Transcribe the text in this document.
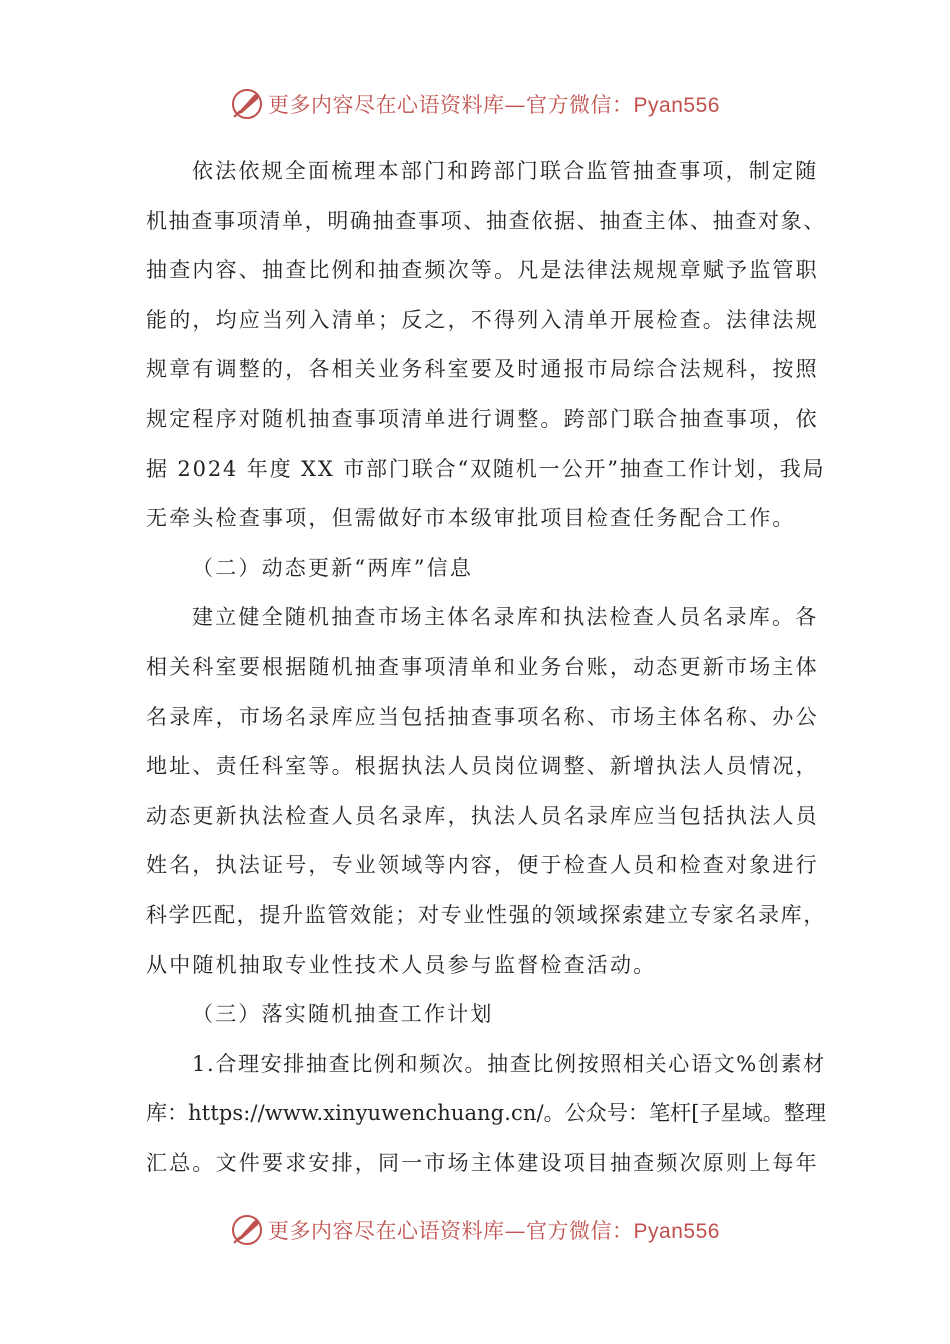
更多内容尽在心语资料库—官方微信：Pyan556
依法依规全面梳理本部门和跨部门联合监管抽查事项，制定随
机抽查事项清单，明确抽查事项、抽查依据、抽查主体、抽查对象、
抽查内容、抽查比例和抽查频次等。凡是法律法规规章赋予监管职
能的，均应当列入清单；反之，不得列入清单开展检查。法律法规
规章有调整的，各相关业务科室要及时通报市局综合法规科，按照
规定程序对随机抽查事项清单进行调整。跨部门联合抽查事项，依
据 2024 年度 XX 市部门联合“双随机一公开”抽查工作计划，我局
无牵头检查事项，但需做好市本级审批项目检查任务配合工作。
（二）动态更新“两库”信息
建立健全随机抽查市场主体名录库和执法检查人员名录库。各
相关科室要根据随机抽查事项清单和业务台账，动态更新市场主体
名录库，市场名录库应当包括抽查事项名称、市场主体名称、办公
地址、责任科室等。根据执法人员岗位调整、新增执法人员情况，
动态更新执法检查人员名录库，执法人员名录库应当包括执法人员
姓名，执法证号，专业领域等内容，便于检查人员和检查对象进行
科学匹配，提升监管效能；对专业性强的领域探索建立专家名录库，
从中随机抽取专业性技术人员参与监督检查活动。
（三）落实随机抽查工作计划
1.合理安排抽查比例和频次。抽查比例按照相关心语文%创素材
库：https://www.xinyuwenchuang.cn/。公众号：笔杆[子星域。整理
汇总。文件要求安排，同一市场主体建设项目抽查频次原则上每年
更多内容尽在心语资料库—官方微信：Pyan556
